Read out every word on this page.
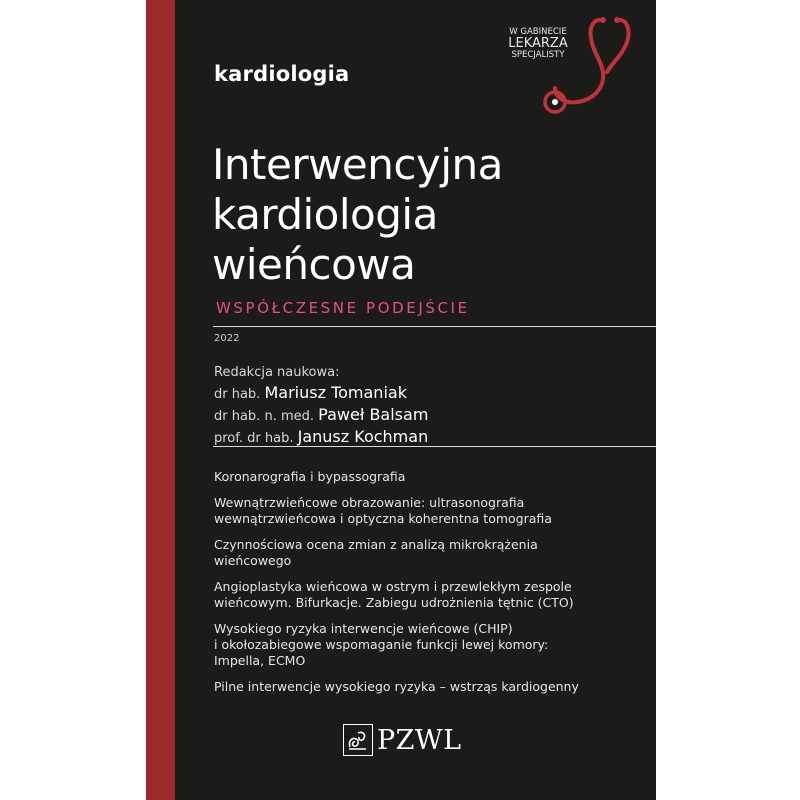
kardiologia
W GABINECIE
LEKARZA
SPECJALISTY
Interwencyjna
kardiologia
wieńcowa
WSPÓŁCZESNE PODEJŚCIE
2022
Redakcja naukowa:
dr hab. Mariusz Tomaniak
dr hab. n. med. Paweł Balsam
prof. dr hab. Janusz Kochman
Koronarografia i bypassografia
Wewnątrzwieńcowe obrazowanie: ultrasonografia
wewnątrzwieńcowa i optyczna koherentna tomografia
Czynnościowa ocena zmian z analizą mikrokrążenia
wieńcowego
Angioplastyka wieńcowa w ostrym i przewlekłym zespole
wieńcowym. Bifurkacje. Zabiegu udrożnienia tętnic (CTO)
Wysokiego ryzyka interwencje wieńcowe (CHIP)
i okołozabiegowe wspomaganie funkcji lewej komory:
Impella, ECMO
Pilne interwencje wysokiego ryzyka – wstrząs kardiogenny
PZWL
